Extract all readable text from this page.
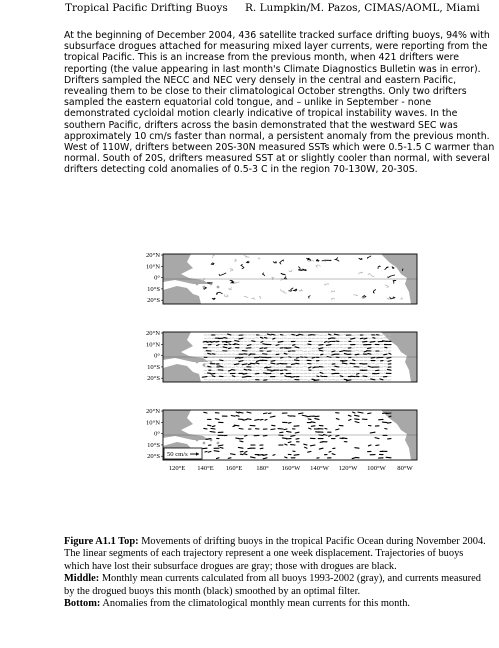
Tropical Pacific Drifting Buoys R. Lumpkin/M. Pazos, CIMAS/AOML, Miami

At the beginning of December 2004, 436 satellite tracked surface drifting buoys, 94% with subsurface drogues attached for measuring mixed layer currents, were reporting from the tropical Pacific. This is an increase from the previous month, when 421 drifters were reporting (the value appearing in last month's Climate Diagnostics Bulletin was in error). Drifters sampled the NECC and NEC very densely in the central and eastern Pacific, revealing them to be close to their climatological October strengths. Only two drifters sampled the eastern equatorial cold tongue, and – unlike in September - none demonstrated cycloidal motion clearly indicative of tropical instability waves. In the southern Pacific, drifters across the basin demonstrated that the westward SEC was approximately 10 cm/s faster than normal, a persistent anomaly from the previous month. West of 110W, drifters between 20S-30N measured SSTs which were 0.5-1.5 C warmer than normal. South of 20S, drifters measured SST at or slightly cooler than normal, with several drifters detecting cold anomalies of 0.5-3 C in the region 70-130W, 20-30S.

20°N
10°N
0°
10°S
20°S
20°N
10°N
0°
10°S
20°S
20°N
10°N
0°
10°S
20°S 50 cm/s
120°E 140°E 160°E 180° 160°W 140°W 120°W 100°W 80°W

Figure A1.1 Top: Movements of drifting buoys in the tropical Pacific Ocean during November 2004. The linear segments of each trajectory represent a one week displacement. Trajectories of buoys which have lost their subsurface drogues are gray; those with drogues are black.

Middle: Monthly mean currents calculated from all buoys 1993-2002 (gray), and currents measured by the drogued buoys this month (black) smoothed by an optimal filter.

Bottom: Anomalies from the climatological monthly mean currents for this month.
